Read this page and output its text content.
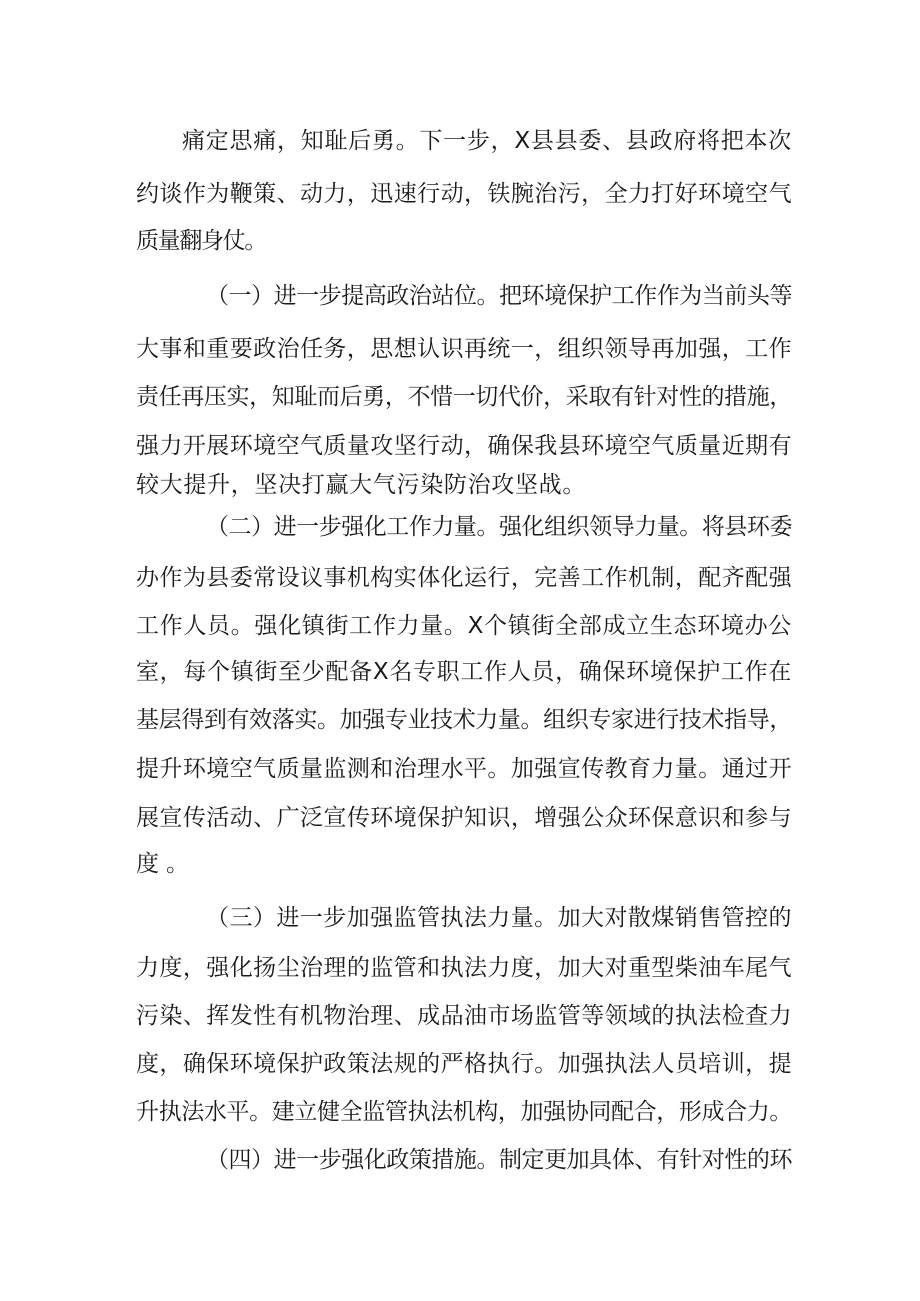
痛定思痛，知耻后勇。下一步，X县县委、县政府将把本次

约谈作为鞭策、动力，迅速行动，铁腕治污，全力打好环境空气

质量翻身仗。

（一）进一步提高政治站位。把环境保护工作作为当前头等

大事和重要政治任务，思想认识再统一，组织领导再加强，工作

责任再压实，知耻而后勇，不惜一切代价，采取有针对性的措施，

强力开展环境空气质量攻坚行动，确保我县环境空气质量近期有

较大提升，坚决打赢大气污染防治攻坚战。

（二）进一步强化工作力量。强化组织领导力量。将县环委

办作为县委常设议事机构实体化运行，完善工作机制，配齐配强

工作人员。强化镇街工作力量。X个镇街全部成立生态环境办公

室，每个镇街至少配备X名专职工作人员，确保环境保护工作在

基层得到有效落实。加强专业技术力量。组织专家进行技术指导，

提升环境空气质量监测和治理水平。加强宣传教育力量。通过开

展宣传活动、广泛宣传环境保护知识，增强公众环保意识和参与

度。

（三）进一步加强监管执法力量。加大对散煤销售管控的

力度，强化扬尘治理的监管和执法力度，加大对重型柴油车尾气

污染、挥发性有机物治理、成品油市场监管等领域的执法检查力

度，确保环境保护政策法规的严格执行。加强执法人员培训，提

升执法水平。建立健全监管执法机构，加强协同配合，形成合力。

（四）进一步强化政策措施。制定更加具体、有针对性的环
